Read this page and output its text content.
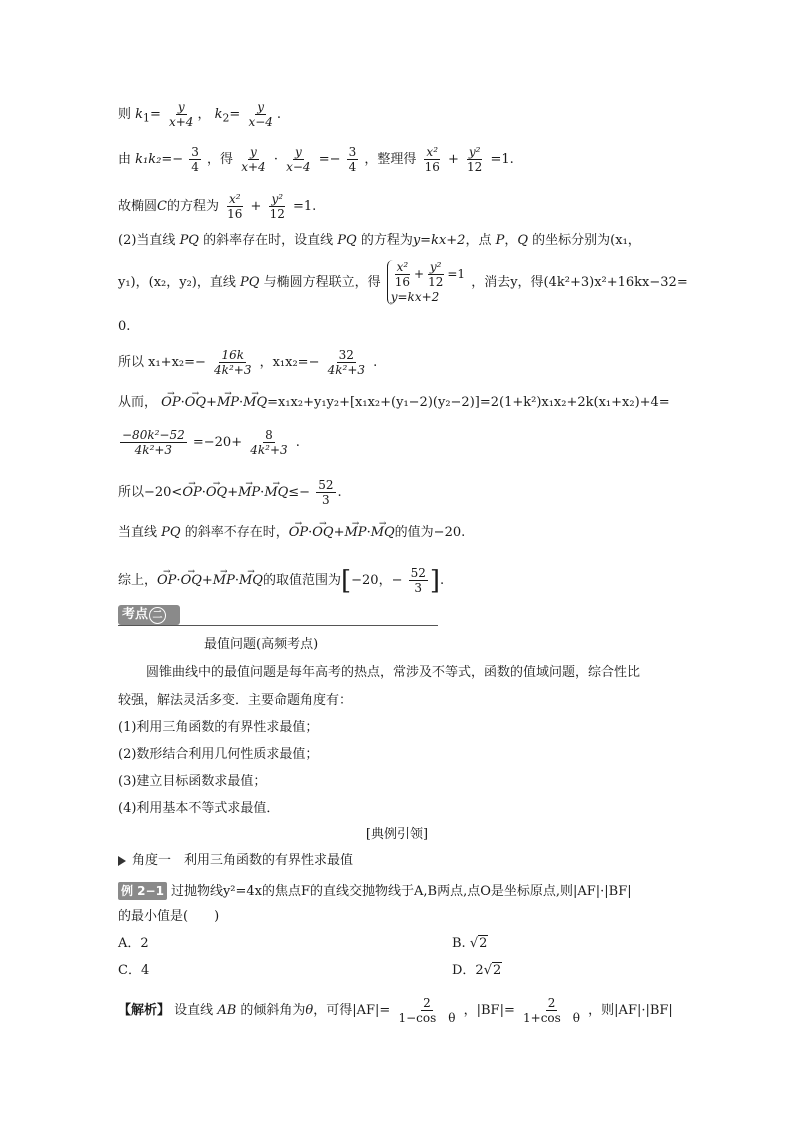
则 $k_1= \frac{y}{x+4}$ ， $k_2= \frac{y}{x-4}$ .
由 $k_1k_2=- \frac{3}{4}$ ，得 $\frac{y}{x+4} \cdot \frac{y}{x-4} =- \frac{3}{4}$ ，整理得 $\frac{\text{x²}}{16} + \frac{\text{y²}}{12} =1$.
故椭圆C的方程为 $\frac{\text{x²}}{16} + \frac{\text{y²}}{12} =1$.
(2)当直线 PQ 的斜率存在时，设直线 PQ 的方程为y=kx+2，点 P，Q 的坐标分别为(x₁，
y₁)，(x₂，y₂)，直线 PQ 与椭圆方程联立，得 $\frac{\text{x²}}{16} + \frac{\text{y²}}{12} =1$
y=kx+2
，消去y，得(4k²+3)x²+16kx−32=
0.
所以 $x_1+x_2=- \frac{16k}{\text{4k²+3}}$ ，$x_1x_2=- \frac{32}{\text{4k²+3}}$ .
从而， → OP·→ OQ+→ MP·→ MQ=x₁x₂+y₁y₂+[x₁x₂+(y₁−2)(y₂−2)]=2(1+k²)x₁x₂+2k(x₁+x₂)+4=
$\frac{\text{−80k²−52}}{\text{4k²+3}} =-20+ \frac{8}{\text{4k²+3}}$ .
所以$-20<\to OP\cdot\to OQ+\to MP\cdot\to MQ\le- \frac{52}{3}$ .
当直线 PQ 的斜率不存在时，→ OP·→ OQ+→ MP·→ MQ的值为−20.
综上，→ OP·→ OQ+→ MP·→ MQ的取值范围为[−20，− $\frac{52}{3}$ ].
考点 二
最值问题(高频考点)
圆锥曲线中的最值问题是每年高考的热点，常涉及不等式，函数的值域问题，综合性比
较强，解法灵活多变．主要命题角度有：
(1)利用三角函数的有界性求最值；
(2)数形结合利用几何性质求最值；
(3)建立目标函数求最值；
(4)利用基本不等式求最值．
[典例引领]
角度一　利用三角函数的有界性求最值
例 2−1 过抛物线y²=4x的焦点F的直线交抛物线于A,B两点,点O是坐标原点,则|AF|·|BF|
的最小值是(　　)
A．2	B. √2
C．4	D．2√2
【解析】 设直线 AB 的倾斜角为θ，可得$|AF|= \frac{2}{\text{1−cos　θ}}$ ，$|BF|= \frac{2}{\text{1+cos　θ}}$ ，则|AF|·|BF|
